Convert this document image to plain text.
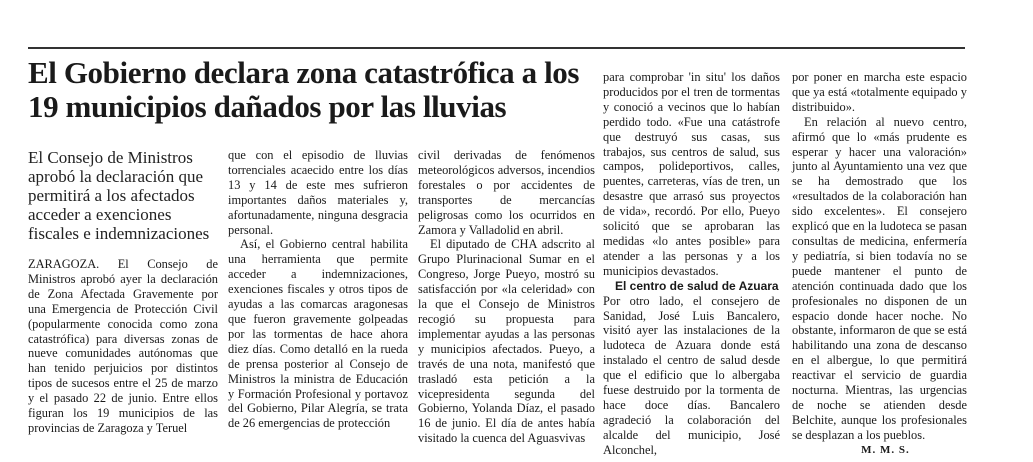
El Gobierno declara zona catastrófica a los 19 municipios dañados por las lluvias

El Consejo de Ministros aprobó la declaración que permitirá a los afectados acceder a exenciones fiscales e indemnizaciones

ZARAGOZA. El Consejo de Ministros aprobó ayer la declaración de Zona Afectada Gravemente por una Emergencia de Protección Civil (popularmente conocida como zona catastrófica) para diversas zonas de nueve comunidades autónomas que han tenido perjuicios por distintos tipos de sucesos entre el 25 de marzo y el pasado 22 de junio. Entre ellos figuran los 19 municipios de las provincias de Zaragoza y Teruel

que con el episodio de lluvias torrenciales acaecido entre los días 13 y 14 de este mes sufrieron importantes daños materiales y, afortunadamente, ninguna desgracia personal.

Así, el Gobierno central habilita una herramienta que permite acceder a indemnizaciones, exenciones fiscales y otros tipos de ayudas a las comarcas aragonesas que fueron gravemente golpeadas por las tormentas de hace ahora diez días. Como detalló en la rueda de prensa posterior al Consejo de Ministros la ministra de Educación y Formación Profesional y portavoz del Gobierno, Pilar Alegría, se trata de 26 emergencias de protección

civil derivadas de fenómenos meteorológicos adversos, incendios forestales o por accidentes de transportes de mercancías peligrosas como los ocurridos en Zamora y Valladolid en abril.

El diputado de CHA adscrito al Grupo Plurinacional Sumar en el Congreso, Jorge Pueyo, mostró su satisfacción por «la celeridad» con la que el Consejo de Ministros recogió su propuesta para implementar ayudas a las personas y municipios afectados. Pueyo, a través de una nota, manifestó que trasladó esta petición a la vicepresidenta segunda del Gobierno, Yolanda Díaz, el pasado 16 de junio. El día de antes había visitado la cuenca del Aguasvivas

para comprobar 'in situ' los daños producidos por el tren de tormentas y conoció a vecinos que lo habían perdido todo. «Fue una catástrofe que destruyó sus casas, sus trabajos, sus centros de salud, sus campos, polideportivos, calles, puentes, carreteras, vías de tren, un desastre que arrasó sus proyectos de vida», recordó. Por ello, Pueyo solicitó que se aprobaran las medidas «lo antes posible» para atender a las personas y a los municipios devastados.

El centro de salud de Azuara

Por otro lado, el consejero de Sanidad, José Luis Bancalero, visitó ayer las instalaciones de la ludoteca de Azuara donde está instalado el centro de salud desde que el edificio que lo albergaba fuese destruido por la tormenta de hace doce días. Bancalero agradeció la colaboración del alcalde del municipio, José Alconchel,

por poner en marcha este espacio que ya está «totalmente equipado y distribuido».

En relación al nuevo centro, afirmó que lo «más prudente es esperar y hacer una valoración» junto al Ayuntamiento una vez que se ha demostrado que los «resultados de la colaboración han sido excelentes». El consejero explicó que en la ludoteca se pasan consultas de medicina, enfermería y pediatría, si bien todavía no se puede mantener el punto de atención continuada dado que los profesionales no disponen de un espacio donde hacer noche. No obstante, informaron de que se está habilitando una zona de descanso en el albergue, lo que permitirá reactivar el servicio de guardia nocturna. Mientras, las urgencias de noche se atienden desde Belchite, aunque los profesionales se desplazan a los pueblos.

M. M. S.
